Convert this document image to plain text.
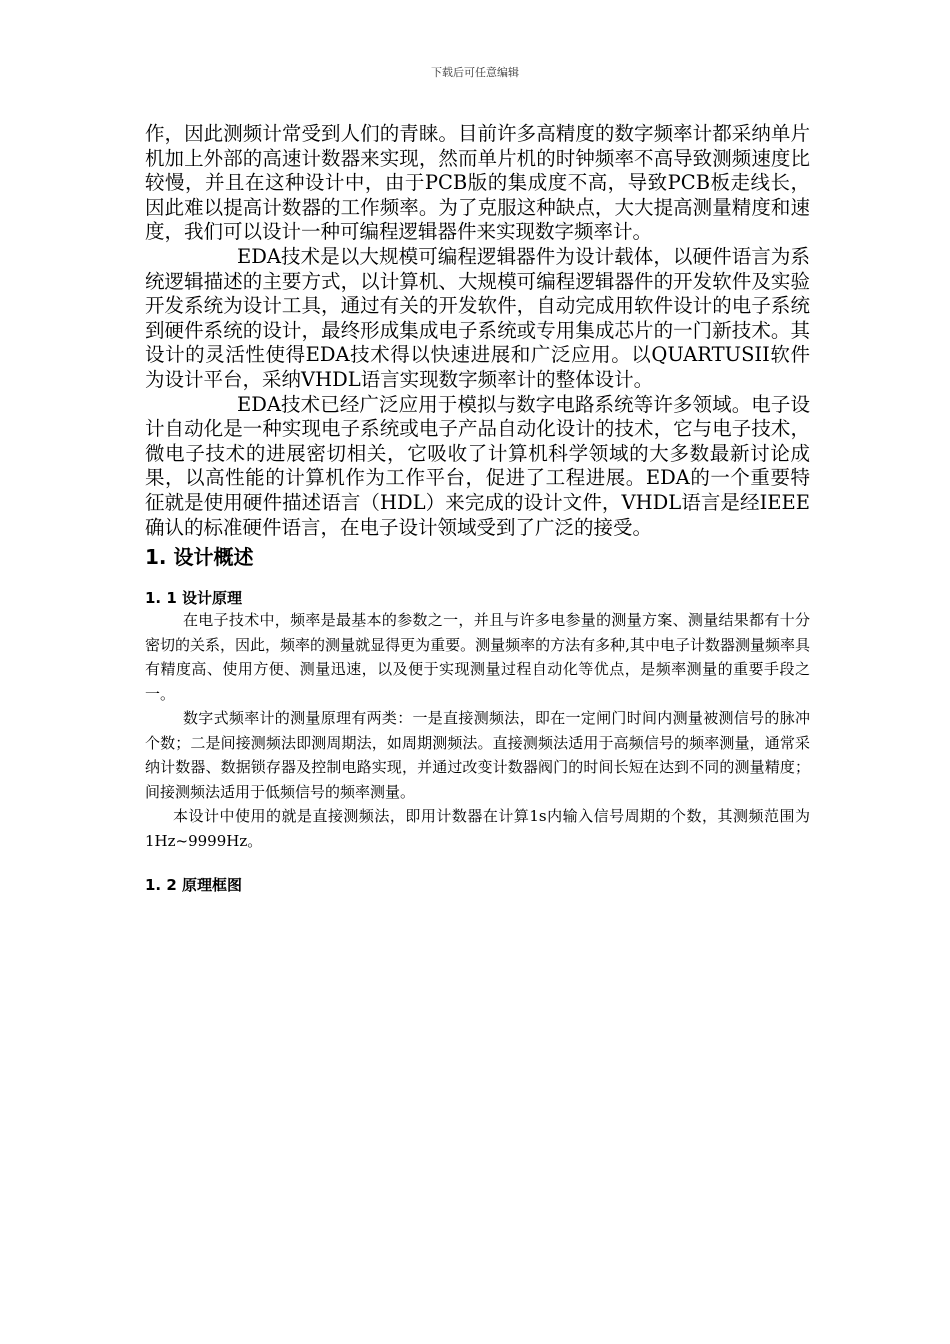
下载后可任意编辑

作，因此测频计常受到人们的青睐。目前许多高精度的数字频率计都采纳单片机加上外部的高速计数器来实现，然而单片机的时钟频率不高导致测频速度比较慢，并且在这种设计中，由于PCB版的集成度不高，导致PCB板走线长，因此难以提高计数器的工作频率。为了克服这种缺点，大大提高测量精度和速度，我们可以设计一种可编程逻辑器件来实现数字频率计。

EDA技术是以大规模可编程逻辑器件为设计载体，以硬件语言为系统逻辑描述的主要方式，以计算机、大规模可编程逻辑器件的开发软件及实验开发系统为设计工具，通过有关的开发软件，自动完成用软件设计的电子系统到硬件系统的设计，最终形成集成电子系统或专用集成芯片的一门新技术。其设计的灵活性使得EDA技术得以快速进展和广泛应用。以QUARTUSII软件为设计平台，采纳VHDL语言实现数字频率计的整体设计。

EDA技术已经广泛应用于模拟与数字电路系统等许多领域。电子设计自动化是一种实现电子系统或电子产品自动化设计的技术，它与电子技术，微电子技术的进展密切相关，它吸收了计算机科学领域的大多数最新讨论成果，以高性能的计算机作为工作平台，促进了工程进展。EDA的一个重要特征就是使用硬件描述语言（HDL）来完成的设计文件，VHDL语言是经IEEE确认的标准硬件语言，在电子设计领域受到了广泛的接受。

1. 设计概述
1. 1 设计原理

在电子技术中，频率是最基本的参数之一，并且与许多电参量的测量方案、测量结果都有十分密切的关系，因此，频率的测量就显得更为重要。测量频率的方法有多种,其中电子计数器测量频率具有精度高、使用方便、测量迅速，以及便于实现测量过程自动化等优点，是频率测量的重要手段之一。

数字式频率计的测量原理有两类：一是直接测频法，即在一定闸门时间内测量被测信号的脉冲个数；二是间接测频法即测周期法，如周期测频法。直接测频法适用于高频信号的频率测量，通常采纳计数器、数据锁存器及控制电路实现，并通过改变计数器阀门的时间长短在达到不同的测量精度；间接测频法适用于低频信号的频率测量。

本设计中使用的就是直接测频法，即用计数器在计算1s内输入信号周期的个数，其测频范围为1Hz~9999Hz。

1. 2 原理框图
